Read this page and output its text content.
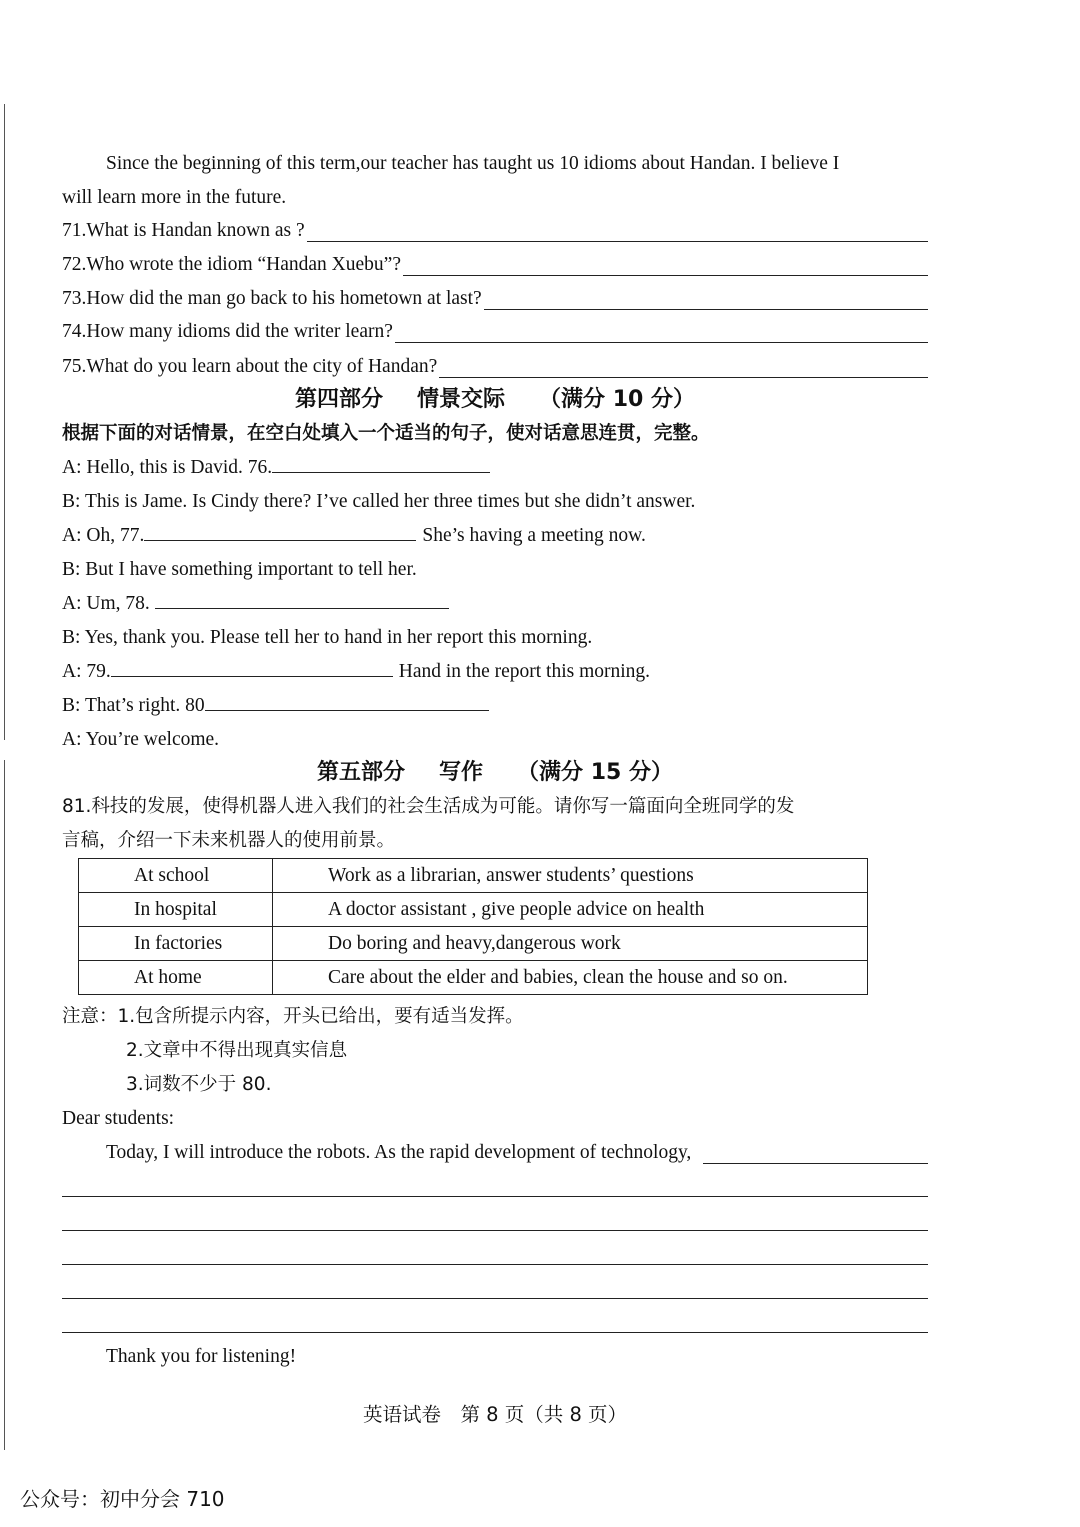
Since the beginning of this term,our teacher has taught us 10 idioms about Handan. I believe I
will learn more in the future.
71.What is Handan known as ?
72.Who wrote the idiom “Handan Xuebu”?
73.How did the man go back to his hometown at last?
74.How many idioms did the writer learn?
75.What do you learn about the city of Handan?
第四部分 情景交际 （满分 10 分）
根据下面的对话情景，在空白处填入一个适当的句子，使对话意思连贯，完整。
A: Hello, this is David. 76.
B: This is Jame. Is Cindy there? I’ve called her three times but she didn’t answer.
A: Oh, 77.	She’s having a meeting now.
B: But I have something important to tell her.
A: Um, 78.
B: Yes, thank you. Please tell her to hand in her report this morning.
A: 79.	Hand in the report this morning.
B: That’s right. 80
A: You’re welcome.
第五部分 写作 （满分 15 分）
81.科技的发展，使得机器人进入我们的社会生活成为可能。请你写一篇面向全班同学的发
言稿，介绍一下未来机器人的使用前景。
At school	Work as a librarian, answer students’ questions
In hospital	A doctor assistant , give people advice on health
In factories	Do boring and heavy,dangerous work
At home	Care about the elder and babies, clean the house and so on.
注意：1.包含所提示内容，开头已给出，要有适当发挥。
2.文章中不得出现真实信息
3.词数不少于 80.
Dear students:
Today, I will introduce the robots. As the rapid development of technology,
Thank you for listening!
英语试卷　第 8 页（共 8 页）
公众号：初中分会 710
